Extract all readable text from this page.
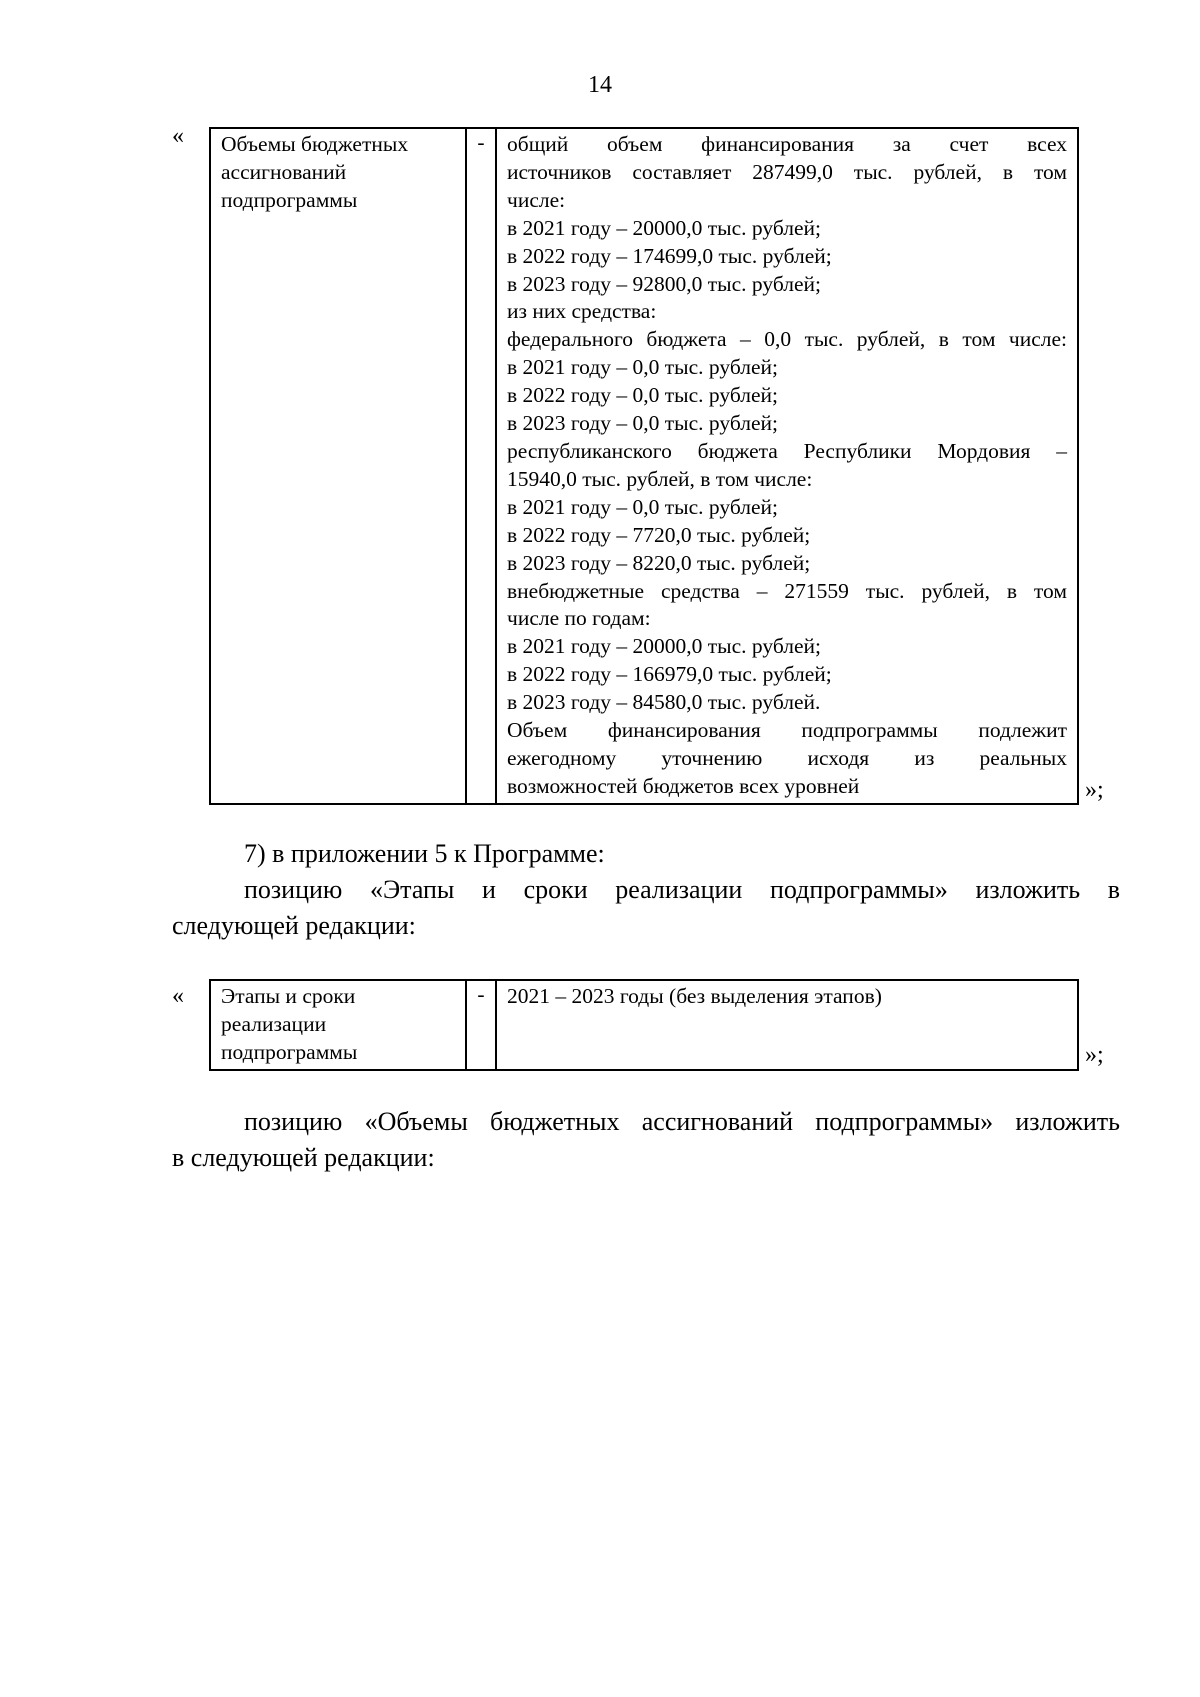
14
« Объемы бюджетных
ассигнований
подпрограммы

-	общий объем финансирования за счет всех
источников составляет 287499,0 тыс. рублей, в том
числе:
в 2021 году – 20000,0 тыс. рублей;
в 2022 году – 174699,0 тыс. рублей;
в 2023 году – 92800,0 тыс. рублей;
из них средства:
федерального бюджета – 0,0 тыс. рублей, в том числе:
в 2021 году – 0,0 тыс. рублей;
в 2022 году – 0,0 тыс. рублей;
в 2023 году – 0,0 тыс. рублей;
республиканского бюджета Республики Мордовия –
15940,0 тыс. рублей, в том числе:
в 2021 году – 0,0 тыс. рублей;
в 2022 году – 7720,0 тыс. рублей;
в 2023 году – 8220,0 тыс. рублей;
внебюджетные средства – 271559 тыс. рублей, в том
числе по годам:
в 2021 году – 20000,0 тыс. рублей;
в 2022 году – 166979,0 тыс. рублей;
в 2023 году – 84580,0 тыс. рублей.
Объем финансирования подпрограммы подлежит
ежегодному уточнению исходя из реальных
возможностей бюджетов всех уровней	»;
7) в приложении 5 к Программе:
позицию «Этапы и сроки реализации подпрограммы» изложить в
следующей редакции:
« Этапы и сроки
реализации
подпрограммы

-	2021 – 2023 годы (без выделения этапов)
»;
позицию «Объемы бюджетных ассигнований подпрограммы» изложить
в следующей редакции:
